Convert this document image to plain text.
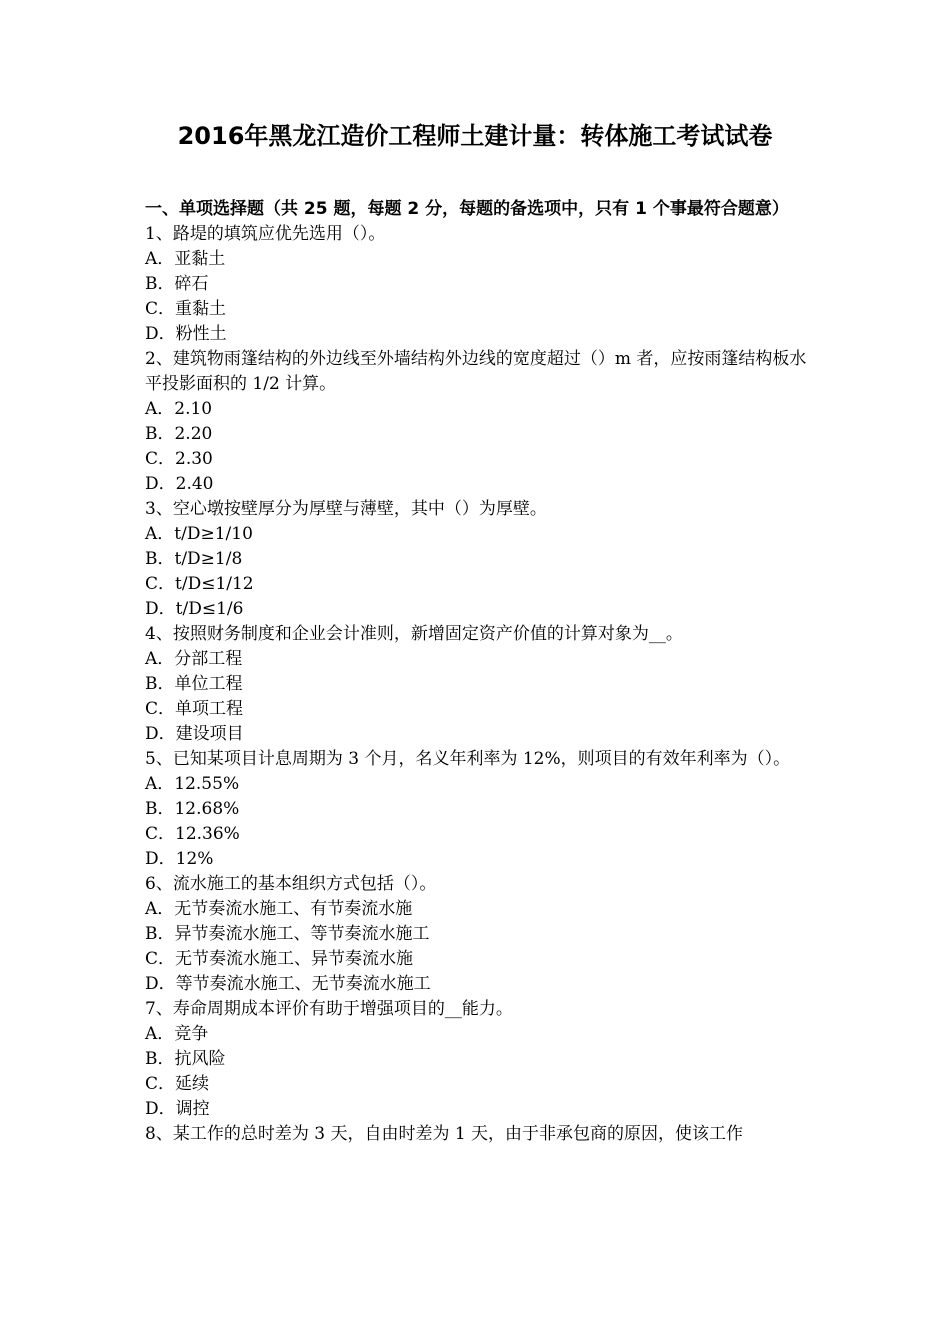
2016年黑龙江造价工程师土建计量：转体施工考试试卷

一、单项选择题（共 25 题，每题 2 分，每题的备选项中，只有 1 个事最符合题意）

1、路堤的填筑应优先选用（）。

A．亚黏土

B．碎石

C．重黏土

D．粉性土

2、建筑物雨篷结构的外边线至外墙结构外边线的宽度超过（）m 者，应按雨篷结构板水平投影面积的 1/2 计算。

A．2.10

B．2.20

C．2.30

D．2.40

3、空心墩按壁厚分为厚壁与薄壁，其中（）为厚壁。

A．t/D≥1/10

B．t/D≥1/8

C．t/D≤1/12

D．t/D≤1/6

4、按照财务制度和企业会计准则，新增固定资产价值的计算对象为__。

A．分部工程

B．单位工程

C．单项工程

D．建设项目

5、已知某项目计息周期为 3 个月，名义年利率为 12%，则项目的有效年利率为（）。

A．12.55%

B．12.68%

C．12.36%

D．12%

6、流水施工的基本组织方式包括（）。

A．无节奏流水施工、有节奏流水施

B．异节奏流水施工、等节奏流水施工

C．无节奏流水施工、异节奏流水施

D．等节奏流水施工、无节奏流水施工

7、寿命周期成本评价有助于增强项目的__能力。

A．竞争

B．抗风险

C．延续

D．调控

8、某工作的总时差为 3 天，自由时差为 1 天，由于非承包商的原因，使该工作
